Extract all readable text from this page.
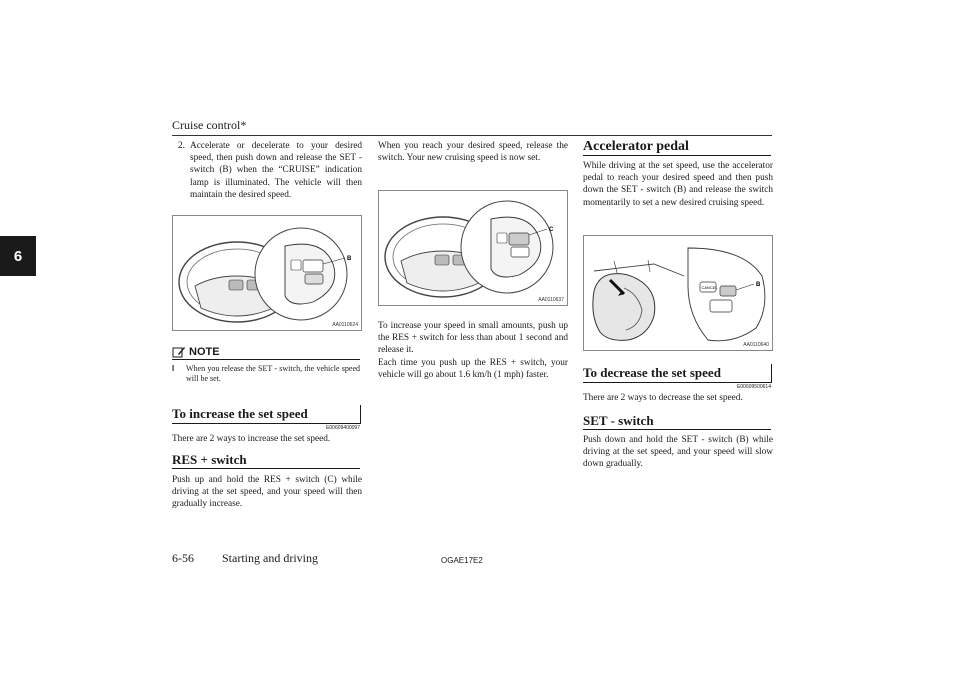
Cruise control*
6
2. Accelerate or decelerate to your desired speed, then push down and release the SET - switch (B) when the “CRUISE” indication lamp is illuminated. The vehicle will then maintain the desired speed.
B
AA0110624
NOTE
l	When you release the SET - switch, the vehicle speed will be set.
To increase the set speed
E00609400097
There are 2 ways to increase the set speed.
RES + switch
Push up and hold the RES + switch (C) while driving at the set speed, and your speed will then gradually increase.
When you reach your desired speed, release the switch. Your new cruising speed is now set.
C
AA0110637
To increase your speed in small amounts, push up the RES + switch for less than about 1 second and release it.
Each time you push up the RES + switch, your vehicle will go about 1.6 km/h (1 mph) faster.
Accelerator pedal
While driving at the set speed, use the accelerator pedal to reach your desired speed and then push down the SET - switch (B) and release the switch momentarily to set a new desired cruising speed.
CANCEL	B
AA0110640
To decrease the set speed
E00609500614
There are 2 ways to decrease the set speed.
SET - switch
Push down and hold the SET - switch (B) while driving at the set speed, and your speed will slow down gradually.
6-56 Starting and driving	OGAE17E2
